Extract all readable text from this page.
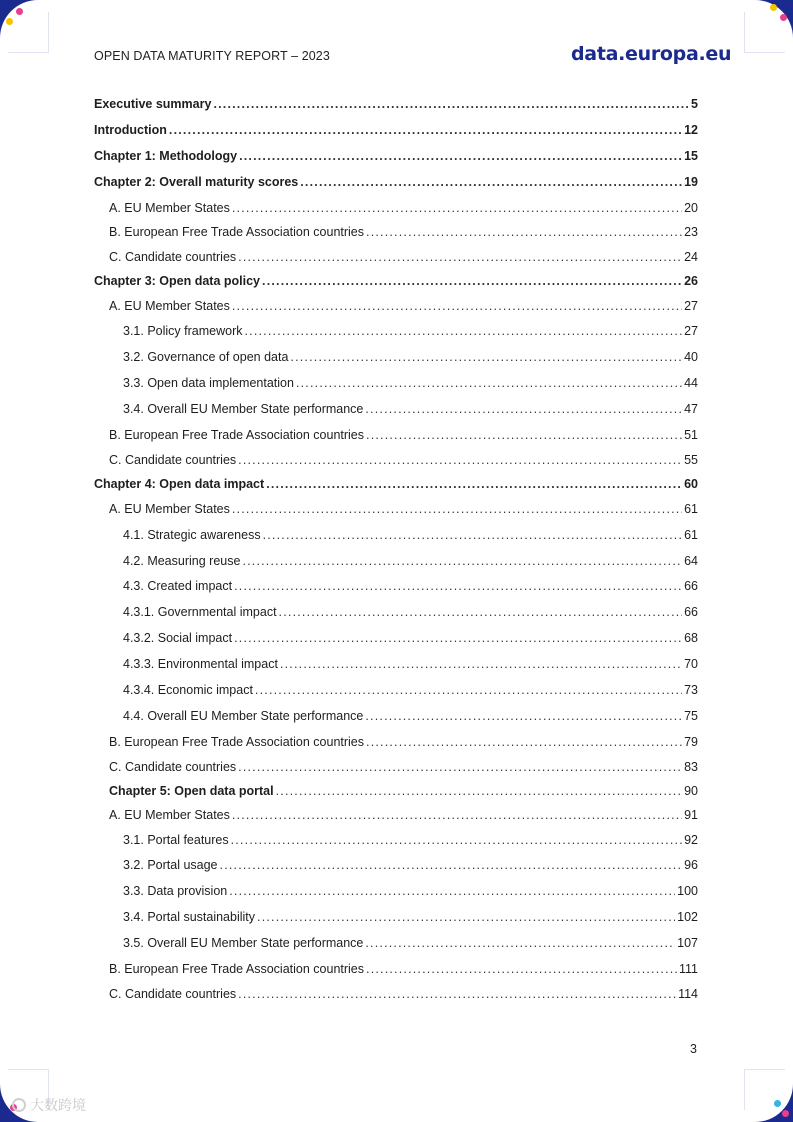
OPEN DATA MATURITY REPORT – 2023	data.europa.eu
Executive summary .....	5
Introduction .....	12
Chapter 1: Methodology .....	15
Chapter 2: Overall maturity scores .....	19
A. EU Member States .....	20
B. European Free Trade Association countries .....	23
C. Candidate countries .....	24
Chapter 3: Open data policy .....	26
A. EU Member States .....	27
3.1. Policy framework .....	27
3.2. Governance of open data .....	40
3.3. Open data implementation .....	44
3.4. Overall EU Member State performance .....	47
B. European Free Trade Association countries .....	51
C. Candidate countries .....	55
Chapter 4: Open data impact .....	60
A. EU Member States .....	61
4.1. Strategic awareness .....	61
4.2. Measuring reuse .....	64
4.3. Created impact .....	66
4.3.1. Governmental impact .....	66
4.3.2. Social impact .....	68
4.3.3. Environmental impact .....	70
4.3.4. Economic impact .....	73
4.4. Overall EU Member State performance .....	75
B. European Free Trade Association countries .....	79
C. Candidate countries .....	83
Chapter 5: Open data portal .....	90
A. EU Member States .....	91
3.1. Portal features .....	92
3.2. Portal usage .....	96
3.3. Data provision .....	100
3.4. Portal sustainability .....	102
3.5. Overall EU Member State performance .....	107
B. European Free Trade Association countries .....	111
C. Candidate countries .....	114
3
大数跨境
